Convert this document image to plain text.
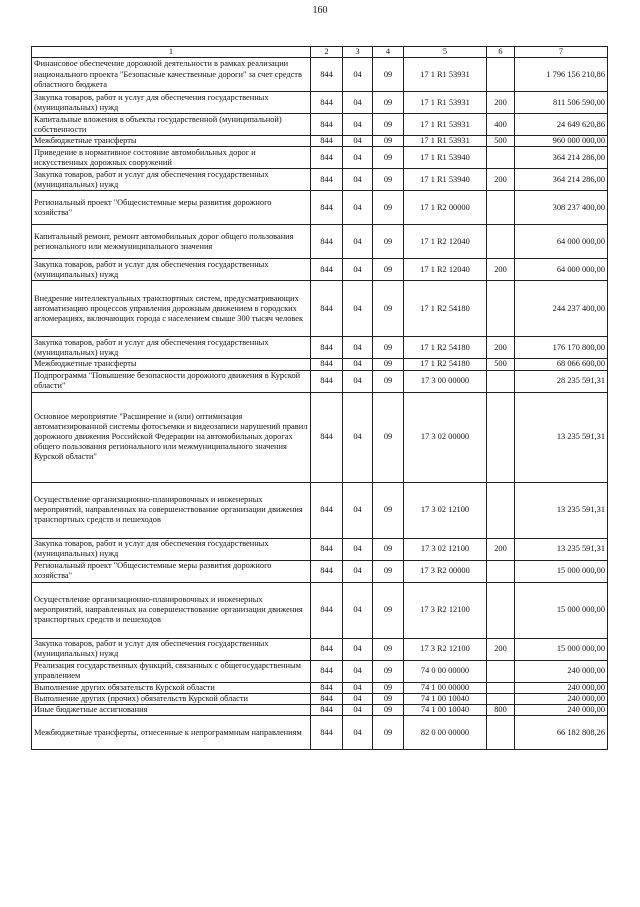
160
1	2	3	4	5	6	7
Финансовое обеспечение дорожной деятельности в рамках реализации национального проекта "Безопасные качественные дороги" за счет средств областного бюджета	844	04	09	17 1 R1 53931		1 796 156 210,86
Закупка товаров, работ и услуг для обеспечения государственных (муниципальных) нужд	844	04	09	17 1 R1 53931	200	811 506 590,00
Капитальные вложения в объекты государственной (муниципальной) собственности	844	04	09	17 1 R1 53931	400	24 649 620,86
Межбюджетные трансферты	844	04	09	17 1 R1 53931	500	960 000 000,00
Приведение в нормативное состояние автомобильных дорог и искусственных дорожных сооружений	844	04	09	17 1 R1 53940		364 214 286,00
Закупка товаров, работ и услуг для обеспечения государственных (муниципальных) нужд	844	04	09	17 1 R1 53940	200	364 214 286,00
Региональный проект "Общесистемные меры развития дорожного хозяйства"	844	04	09	17 1 R2 00000		308 237 400,00
Капитальный ремонт, ремонт автомобильных дорог общего пользования регионального или межмуниципального значения	844	04	09	17 1 R2 12040		64 000 000,00
Закупка товаров, работ и услуг для обеспечения государственных (муниципальных) нужд	844	04	09	17 1 R2 12040	200	64 000 000,00
Внедрение интеллектуальных транспортных систем, предусматривающих автоматизацию процессов управления дорожным движением в городских агломерациях, включающих города с населением свыше 300 тысяч человек	844	04	09	17 1 R2 54180		244 237 400,00
Закупка товаров, работ и услуг для обеспечения государственных (муниципальных) нужд	844	04	09	17 1 R2 54180	200	176 170 800,00
Межбюджетные трансферты	844	04	09	17 1 R2 54180	500	68 066 600,00
Подпрограмма "Повышение безопасности дорожного движения в Курской области"	844	04	09	17 3 00 00000		28 235 591,31
Основное мероприятие "Расширение и (или) оптимизация автоматизированной системы фотосъемки и видеозаписи нарушений правил дорожного движения Российской Федерации на автомобильных дорогах общего пользования регионального или межмуниципального значения Курской области"	844	04	09	17 3 02 00000		13 235 591,31
Осуществление организационно-планировочных и инженерных мероприятий, направленных на совершенствование организации движения транспортных средств и пешеходов	844	04	09	17 3 02 12100		13 235 591,31
Закупка товаров, работ и услуг для обеспечения государственных (муниципальных) нужд	844	04	09	17 3 02 12100	200	13 235 591,31
Региональный проект "Общесистемные меры развития дорожного хозяйства"	844	04	09	17 3 R2 00000		15 000 000,00
Осуществление организационно-планировочных и инженерных мероприятий, направленных на совершенствование организации движения транспортных средств и пешеходов	844	04	09	17 3 R2 12100		15 000 000,00
Закупка товаров, работ и услуг для обеспечения государственных (муниципальных) нужд	844	04	09	17 3 R2 12100	200	15 000 000,00
Реализация государственных функций, связанных с общегосударственным управлением	844	04	09	74 0 00 00000		240 000,00
Выполнение других обязательств Курской области	844	04	09	74 1 00 00000		240 000,00
Выполнение других (прочих) обязательств Курской области	844	04	09	74 1 00 10040		240 000,00
Иные бюджетные ассигнования	844	04	09	74 1 00 10040	800	240 000,00
Межбюджетные трансферты, отнесенные к непрограммным направлениям	844	04	09	82 0 00 00000		66 182 808,26
